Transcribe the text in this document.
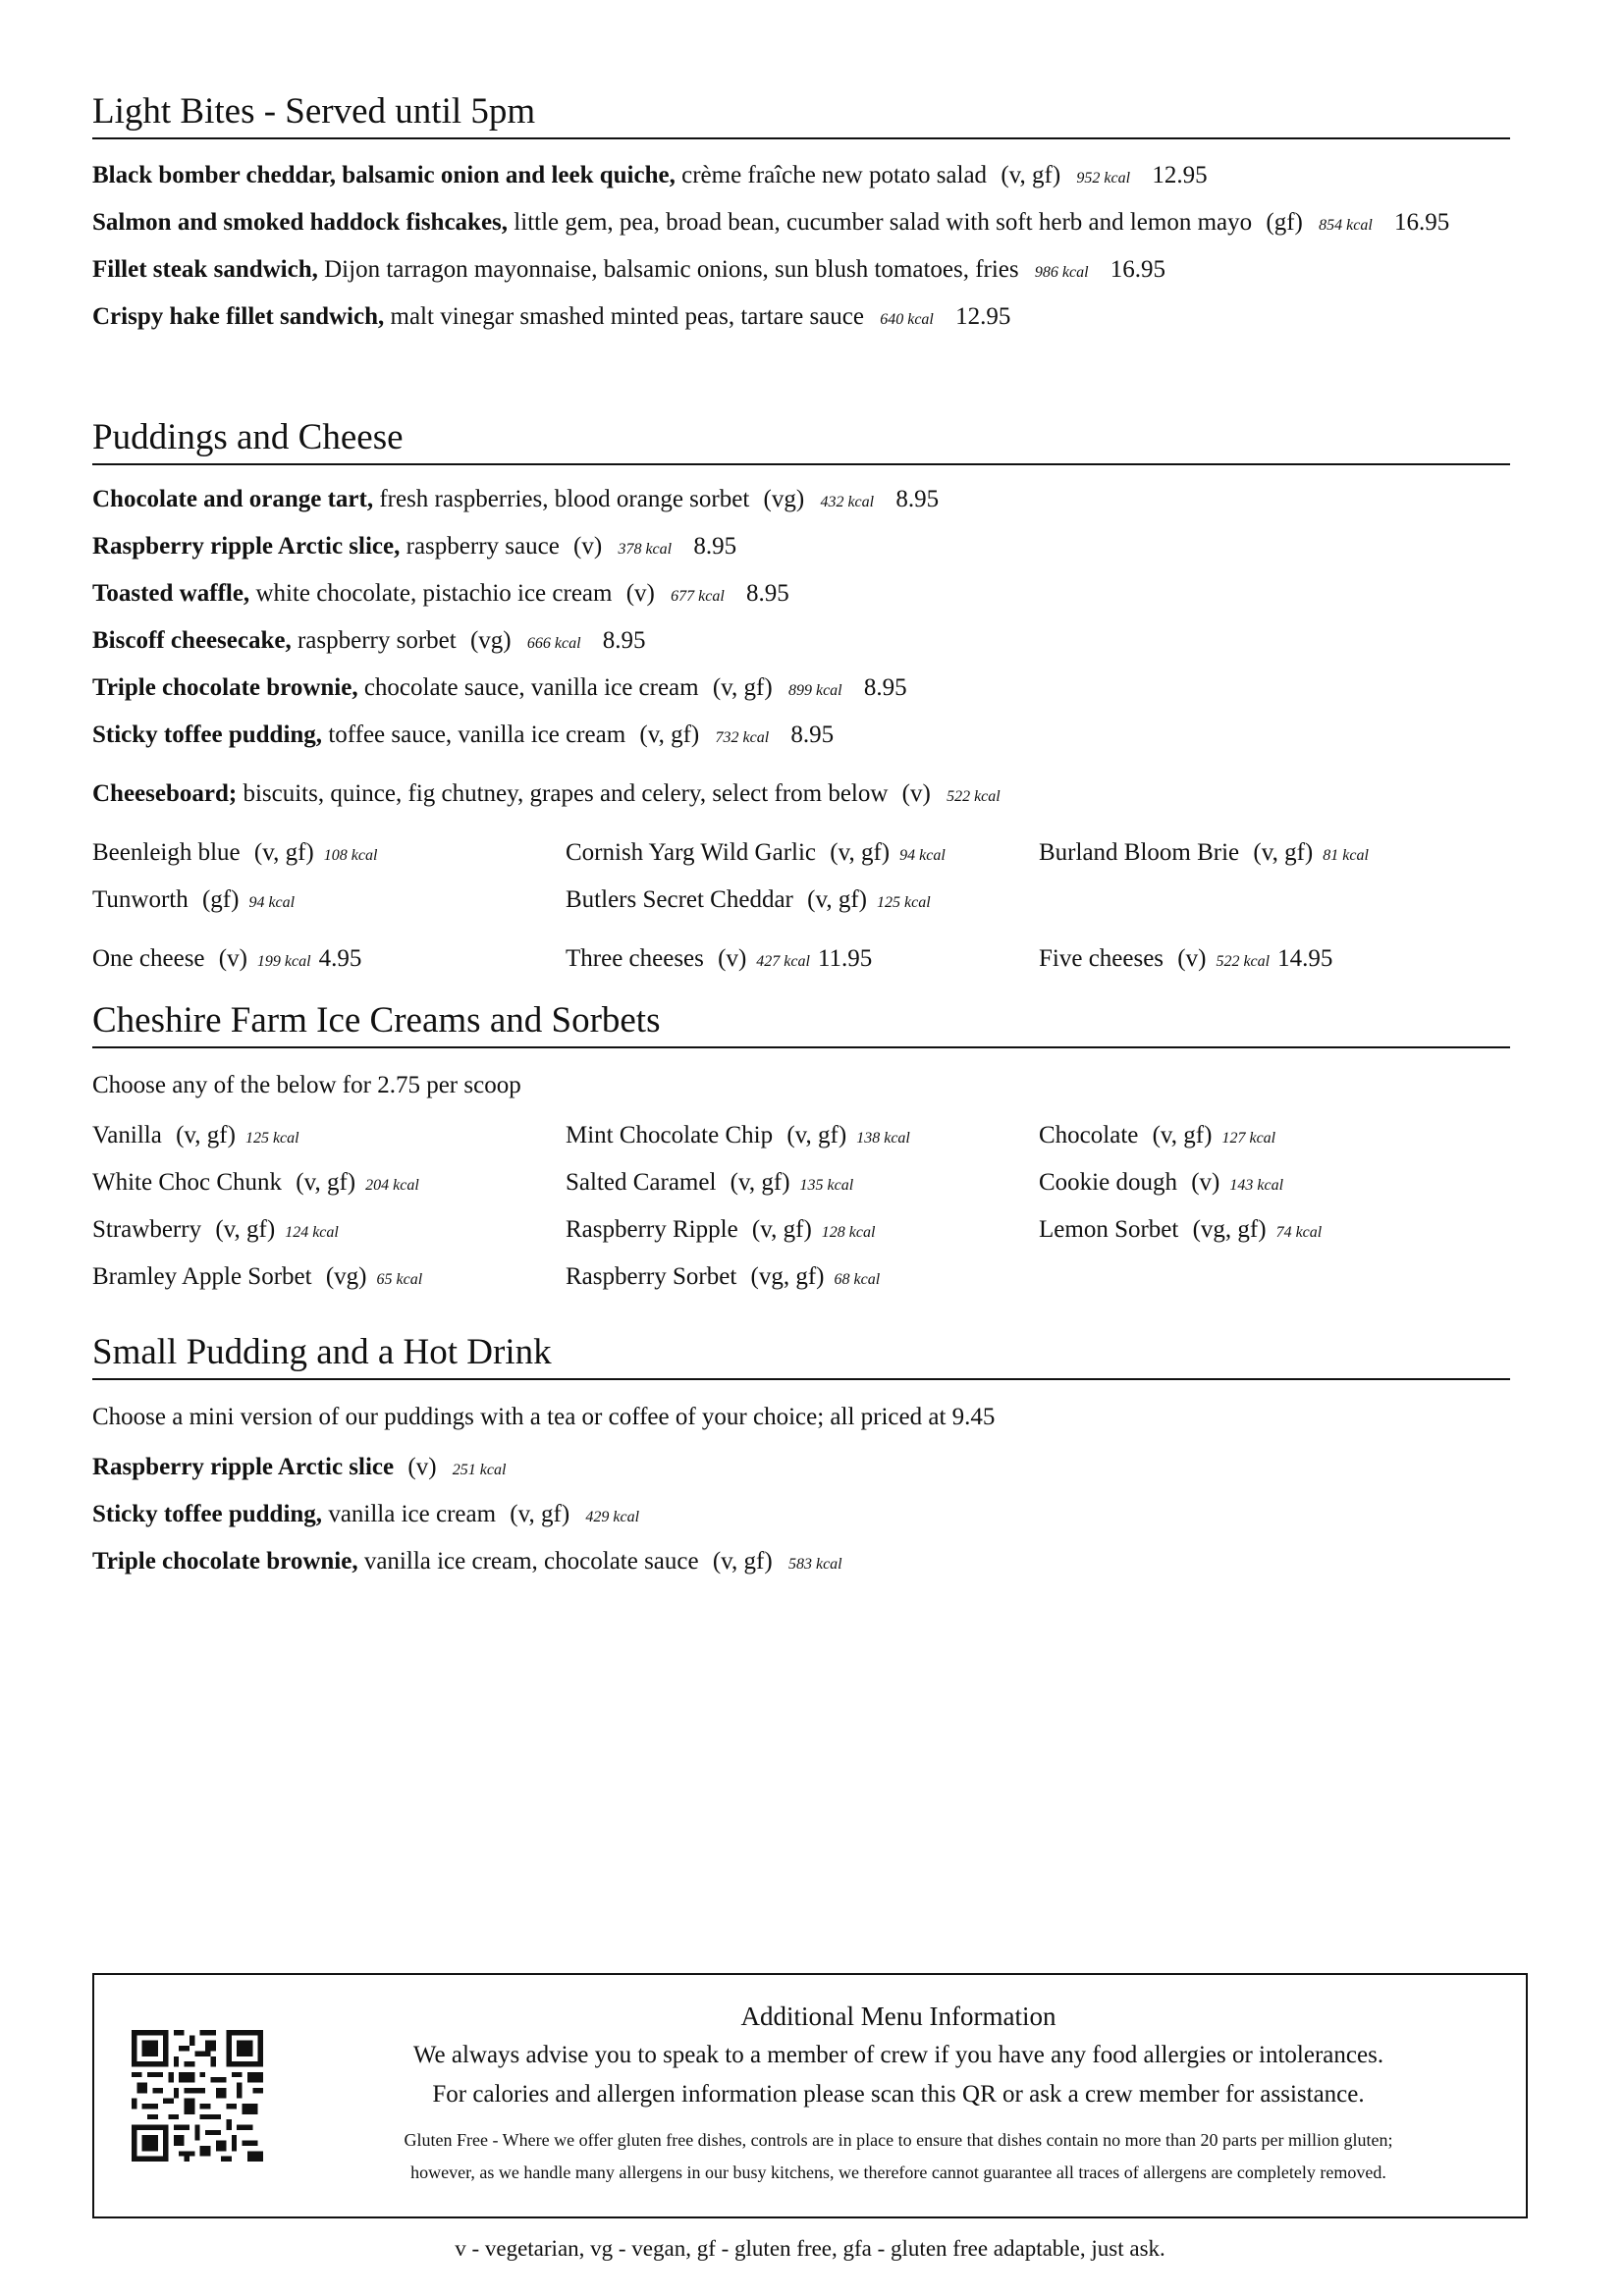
Light Bites - Served until 5pm
Black bomber cheddar, balsamic onion and leek quiche, crème fraîche new potato salad (v, gf) 952 kcal 12.95
Salmon and smoked haddock fishcakes, little gem, pea, broad bean, cucumber salad with soft herb and lemon mayo (gf) 854 kcal 16.95
Fillet steak sandwich, Dijon tarragon mayonnaise, balsamic onions, sun blush tomatoes, fries 986 kcal 16.95
Crispy hake fillet sandwich, malt vinegar smashed minted peas, tartare sauce 640 kcal 12.95
Puddings and Cheese
Chocolate and orange tart, fresh raspberries, blood orange sorbet (vg) 432 kcal 8.95
Raspberry ripple Arctic slice, raspberry sauce (v) 378 kcal 8.95
Toasted waffle, white chocolate, pistachio ice cream (v) 677 kcal 8.95
Biscoff cheesecake, raspberry sorbet (vg) 666 kcal 8.95
Triple chocolate brownie, chocolate sauce, vanilla ice cream (v, gf) 899 kcal 8.95
Sticky toffee pudding, toffee sauce, vanilla ice cream (v, gf) 732 kcal 8.95
Cheeseboard; biscuits, quince, fig chutney, grapes and celery, select from below (v) 522 kcal
Beenleigh blue (v, gf) 108 kcal	Cornish Yarg Wild Garlic (v, gf) 94 kcal	Burland Bloom Brie (v, gf) 81 kcal
Tunworth (gf) 94 kcal	Butlers Secret Cheddar (v, gf) 125 kcal
One cheese (v) 199 kcal 4.95	Three cheeses (v) 427 kcal 11.95	Five cheeses (v) 522 kcal 14.95
Cheshire Farm Ice Creams and Sorbets
Choose any of the below for 2.75 per scoop
Vanilla (v, gf) 125 kcal	Mint Chocolate Chip (v, gf) 138 kcal	Chocolate (v, gf) 127 kcal
White Choc Chunk (v, gf) 204 kcal	Salted Caramel (v, gf) 135 kcal	Cookie dough (v) 143 kcal
Strawberry (v, gf) 124 kcal	Raspberry Ripple (v, gf) 128 kcal	Lemon Sorbet (vg, gf) 74 kcal
Bramley Apple Sorbet (vg) 65 kcal	Raspberry Sorbet (vg, gf) 68 kcal
Small Pudding and a Hot Drink
Choose a mini version of our puddings with a tea or coffee of your choice; all priced at 9.45
Raspberry ripple Arctic slice (v) 251 kcal
Sticky toffee pudding, vanilla ice cream (v, gf) 429 kcal
Triple chocolate brownie, vanilla ice cream, chocolate sauce (v, gf) 583 kcal
Additional Menu Information
We always advise you to speak to a member of crew if you have any food allergies or intolerances.
For calories and allergen information please scan this QR or ask a crew member for assistance.
Gluten Free - Where we offer gluten free dishes, controls are in place to ensure that dishes contain no more than 20 parts per million gluten;
however, as we handle many allergens in our busy kitchens, we therefore cannot guarantee all traces of allergens are completely removed.
v - vegetarian, vg - vegan, gf - gluten free, gfa - gluten free adaptable, just ask.
